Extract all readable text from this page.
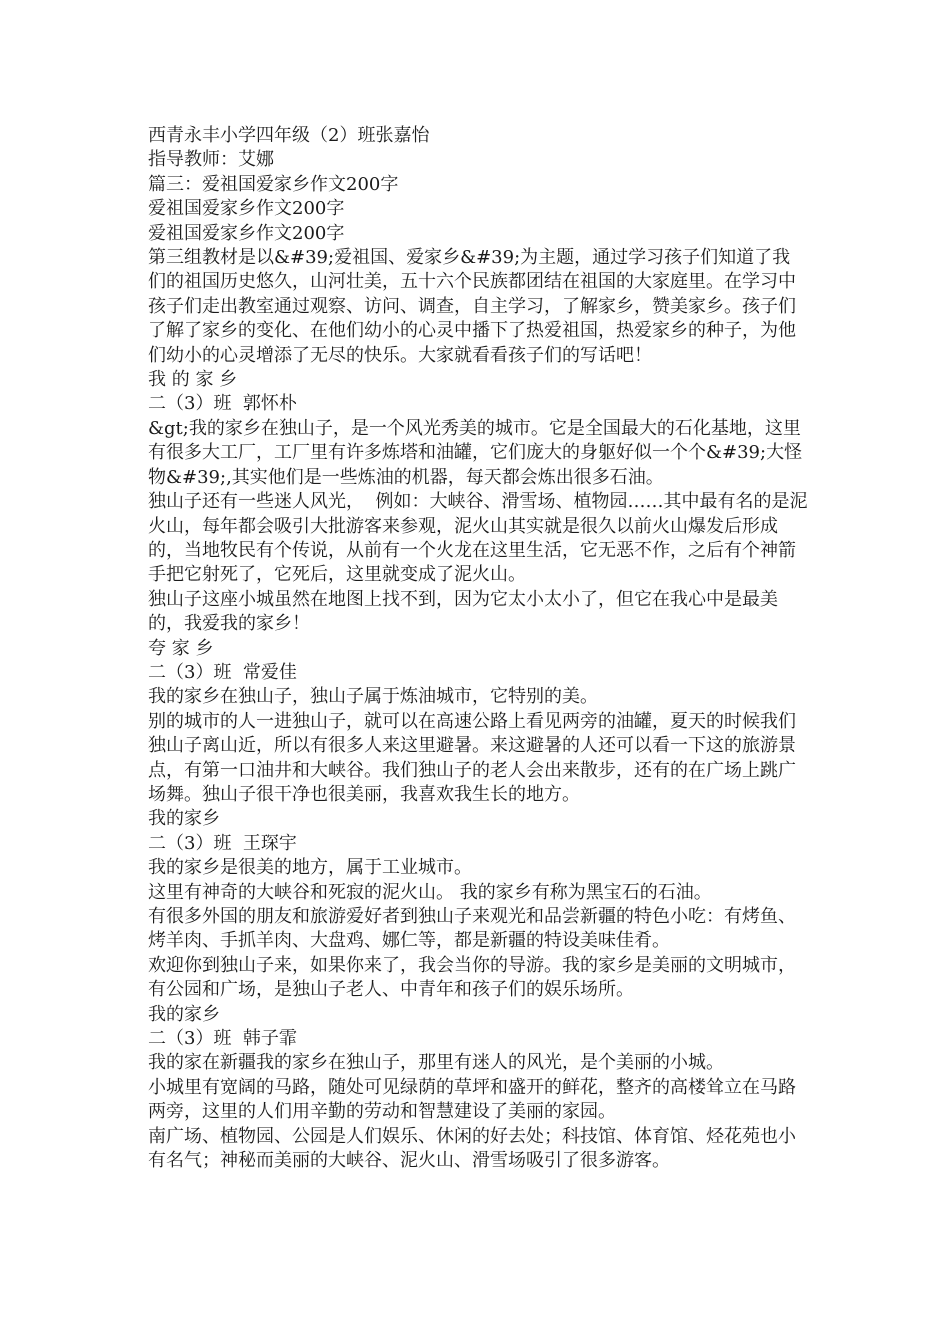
西青永丰小学四年级（2）班张嘉怡

指导教师：艾娜

篇三：爱祖国爱家乡作文200字

爱祖国爱家乡作文200字

爱祖国爱家乡作文200字

第三组教材是以&#39;爱祖国、爱家乡&#39;为主题，通过学习孩子们知道了我们的祖国历史悠久，山河壮美，五十六个民族都团结在祖国的大家庭里。在学习中孩子们走出教室通过观察、访问、调查，自主学习，了解家乡，赞美家乡。孩子们了解了家乡的变化、在他们幼小的心灵中播下了热爱祖国，热爱家乡的种子，为他们幼小的心灵增添了无尽的快乐。大家就看看孩子们的写话吧！

我 的 家 乡

二（3）班  郭怀朴

&gt;我的家乡在独山子，是一个风光秀美的城市。它是全国最大的石化基地，这里有很多大工厂，工厂里有许多炼塔和油罐，它们庞大的身躯好似一个个&#39;大怪物&#39;,其实他们是一些炼油的机器，每天都会炼出很多石油。

独山子还有一些迷人风光，  例如：大峡谷、滑雪场、植物园……其中最有名的是泥火山，每年都会吸引大批游客来参观，泥火山其实就是很久以前火山爆发后形成的，当地牧民有个传说，从前有一个火龙在这里生活，它无恶不作，之后有个神箭手把它射死了，它死后，这里就变成了泥火山。

独山子这座小城虽然在地图上找不到，因为它太小太小了，但它在我心中是最美的，我爱我的家乡！

夸 家 乡

二（3）班  常爱佳

我的家乡在独山子，独山子属于炼油城市，它特别的美。

别的城市的人一进独山子，就可以在高速公路上看见两旁的油罐，夏天的时候我们独山子离山近，所以有很多人来这里避暑。来这避暑的人还可以看一下这的旅游景点，有第一口油井和大峡谷。我们独山子的老人会出来散步，还有的在广场上跳广场舞。独山子很干净也很美丽，我喜欢我生长的地方。

我的家乡

二（3）班  王琛宇

我的家乡是很美的地方，属于工业城市。

这里有神奇的大峡谷和死寂的泥火山。 我的家乡有称为黑宝石的石油。

有很多外国的朋友和旅游爱好者到独山子来观光和品尝新疆的特色小吃：有烤鱼、烤羊肉、手抓羊肉、大盘鸡、娜仁等，都是新疆的特设美味佳肴。

欢迎你到独山子来，如果你来了，我会当你的导游。我的家乡是美丽的文明城市，有公园和广场，是独山子老人、中青年和孩子们的娱乐场所。

我的家乡

二（3）班  韩子霏

我的家在新疆我的家乡在独山子，那里有迷人的风光，是个美丽的小城。

小城里有宽阔的马路，随处可见绿荫的草坪和盛开的鲜花，整齐的高楼耸立在马路两旁，这里的人们用辛勤的劳动和智慧建设了美丽的家园。

南广场、植物园、公园是人们娱乐、休闲的好去处；科技馆、体育馆、烃花苑也小有名气；神秘而美丽的大峡谷、泥火山、滑雪场吸引了很多游客。
